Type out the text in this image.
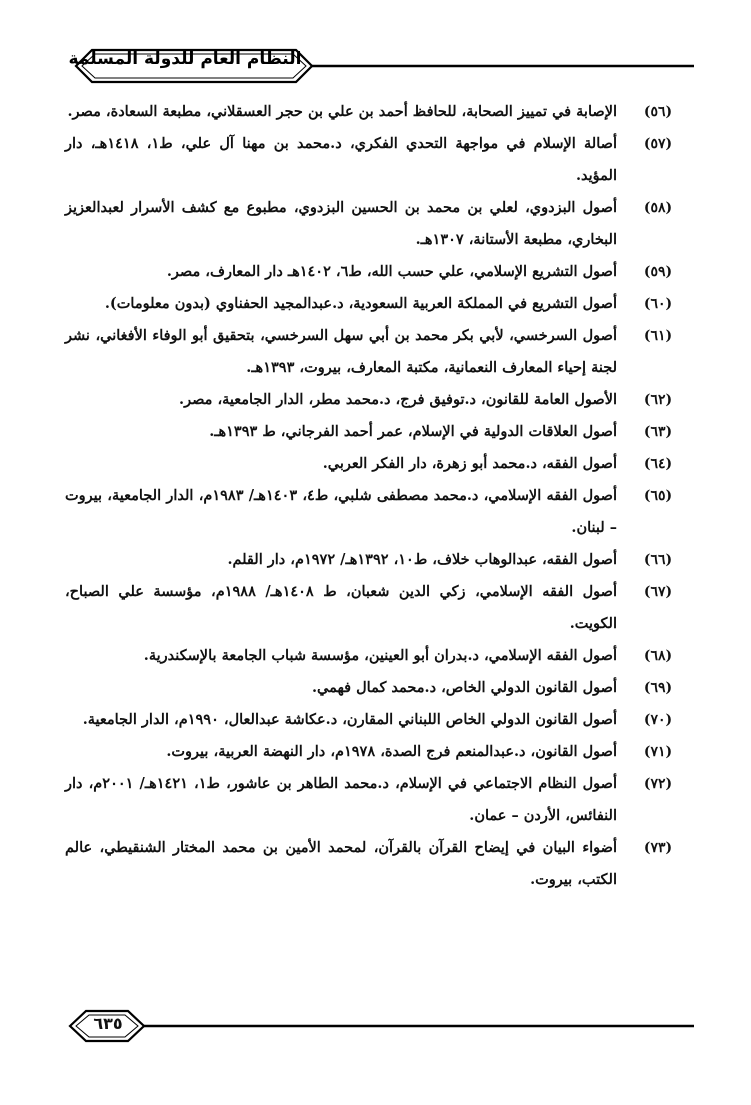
النظام العام للدولة المسلمة
(٥٦)
الإصابة في تمييز الصحابة، للحافظ أحمد بن علي بن حجر العسقلاني، مطبعة السعادة، مصر.
(٥٧)
أصالة الإسلام في مواجهة التحدي الفكري، د.محمد بن مهنا آل علي، ط١، ١٤١٨هـ، دار المؤيد.
(٥٨)
أصول البزدوي، لعلي بن محمد بن الحسين البزدوي، مطبوع مع كشف الأسرار لعبدالعزيز البخاري، مطبعة الأستانة، ١٣٠٧هـ.
(٥٩)
أصول التشريع الإسلامي، علي حسب الله، ط٦، ١٤٠٢هـ دار المعارف، مصر.
(٦٠)
أصول التشريع في المملكة العربية السعودية، د.عبدالمجيد الحفناوي (بدون معلومات).
(٦١)
أصول السرخسي، لأبي بكر محمد بن أبي سهل السرخسي، بتحقيق أبو الوفاء الأفغاني، نشر لجنة إحياء المعارف النعمانية، مكتبة المعارف، بيروت، ١٣٩٣هـ.
(٦٢)
الأصول العامة للقانون، د.توفيق فرج، د.محمد مطر، الدار الجامعية، مصر.
(٦٣)
أصول العلاقات الدولية في الإسلام، عمر أحمد الفرجاني، ط ١٣٩٣هـ.
(٦٤)
أصول الفقه، د.محمد أبو زهرة، دار الفكر العربي.
(٦٥)
أصول الفقه الإسلامي، د.محمد مصطفى شلبي، ط٤، ١٤٠٣هـ/ ١٩٨٣م، الدار الجامعية، بيروت – لبنان.
(٦٦)
أصول الفقه، عبدالوهاب خلاف، ط١٠، ١٣٩٢هـ/ ١٩٧٢م، دار القلم.
(٦٧)
أصول الفقه الإسلامي، زكي الدين شعبان، ط ١٤٠٨هـ/ ١٩٨٨م، مؤسسة علي الصباح، الكويت.
(٦٨)
أصول الفقه الإسلامي، د.بدران أبو العينين، مؤسسة شباب الجامعة بالإسكندرية.
(٦٩)
أصول القانون الدولي الخاص، د.محمد كمال فهمي.
(٧٠)
أصول القانون الدولي الخاص اللبناني المقارن، د.عكاشة عبدالعال، ١٩٩٠م، الدار الجامعية.
(٧١)
أصول القانون، د.عبدالمنعم فرج الصدة، ١٩٧٨م، دار النهضة العربية، بيروت.
(٧٢)
أصول النظام الاجتماعي في الإسلام، د.محمد الطاهر بن عاشور، ط١، ١٤٢١هـ/ ٢٠٠١م، دار النفائس، الأردن – عمان.
(٧٣)
أضواء البيان في إيضاح القرآن بالقرآن، لمحمد الأمين بن محمد المختار الشنقيطي، عالم الكتب، بيروت.
٦٣٥
